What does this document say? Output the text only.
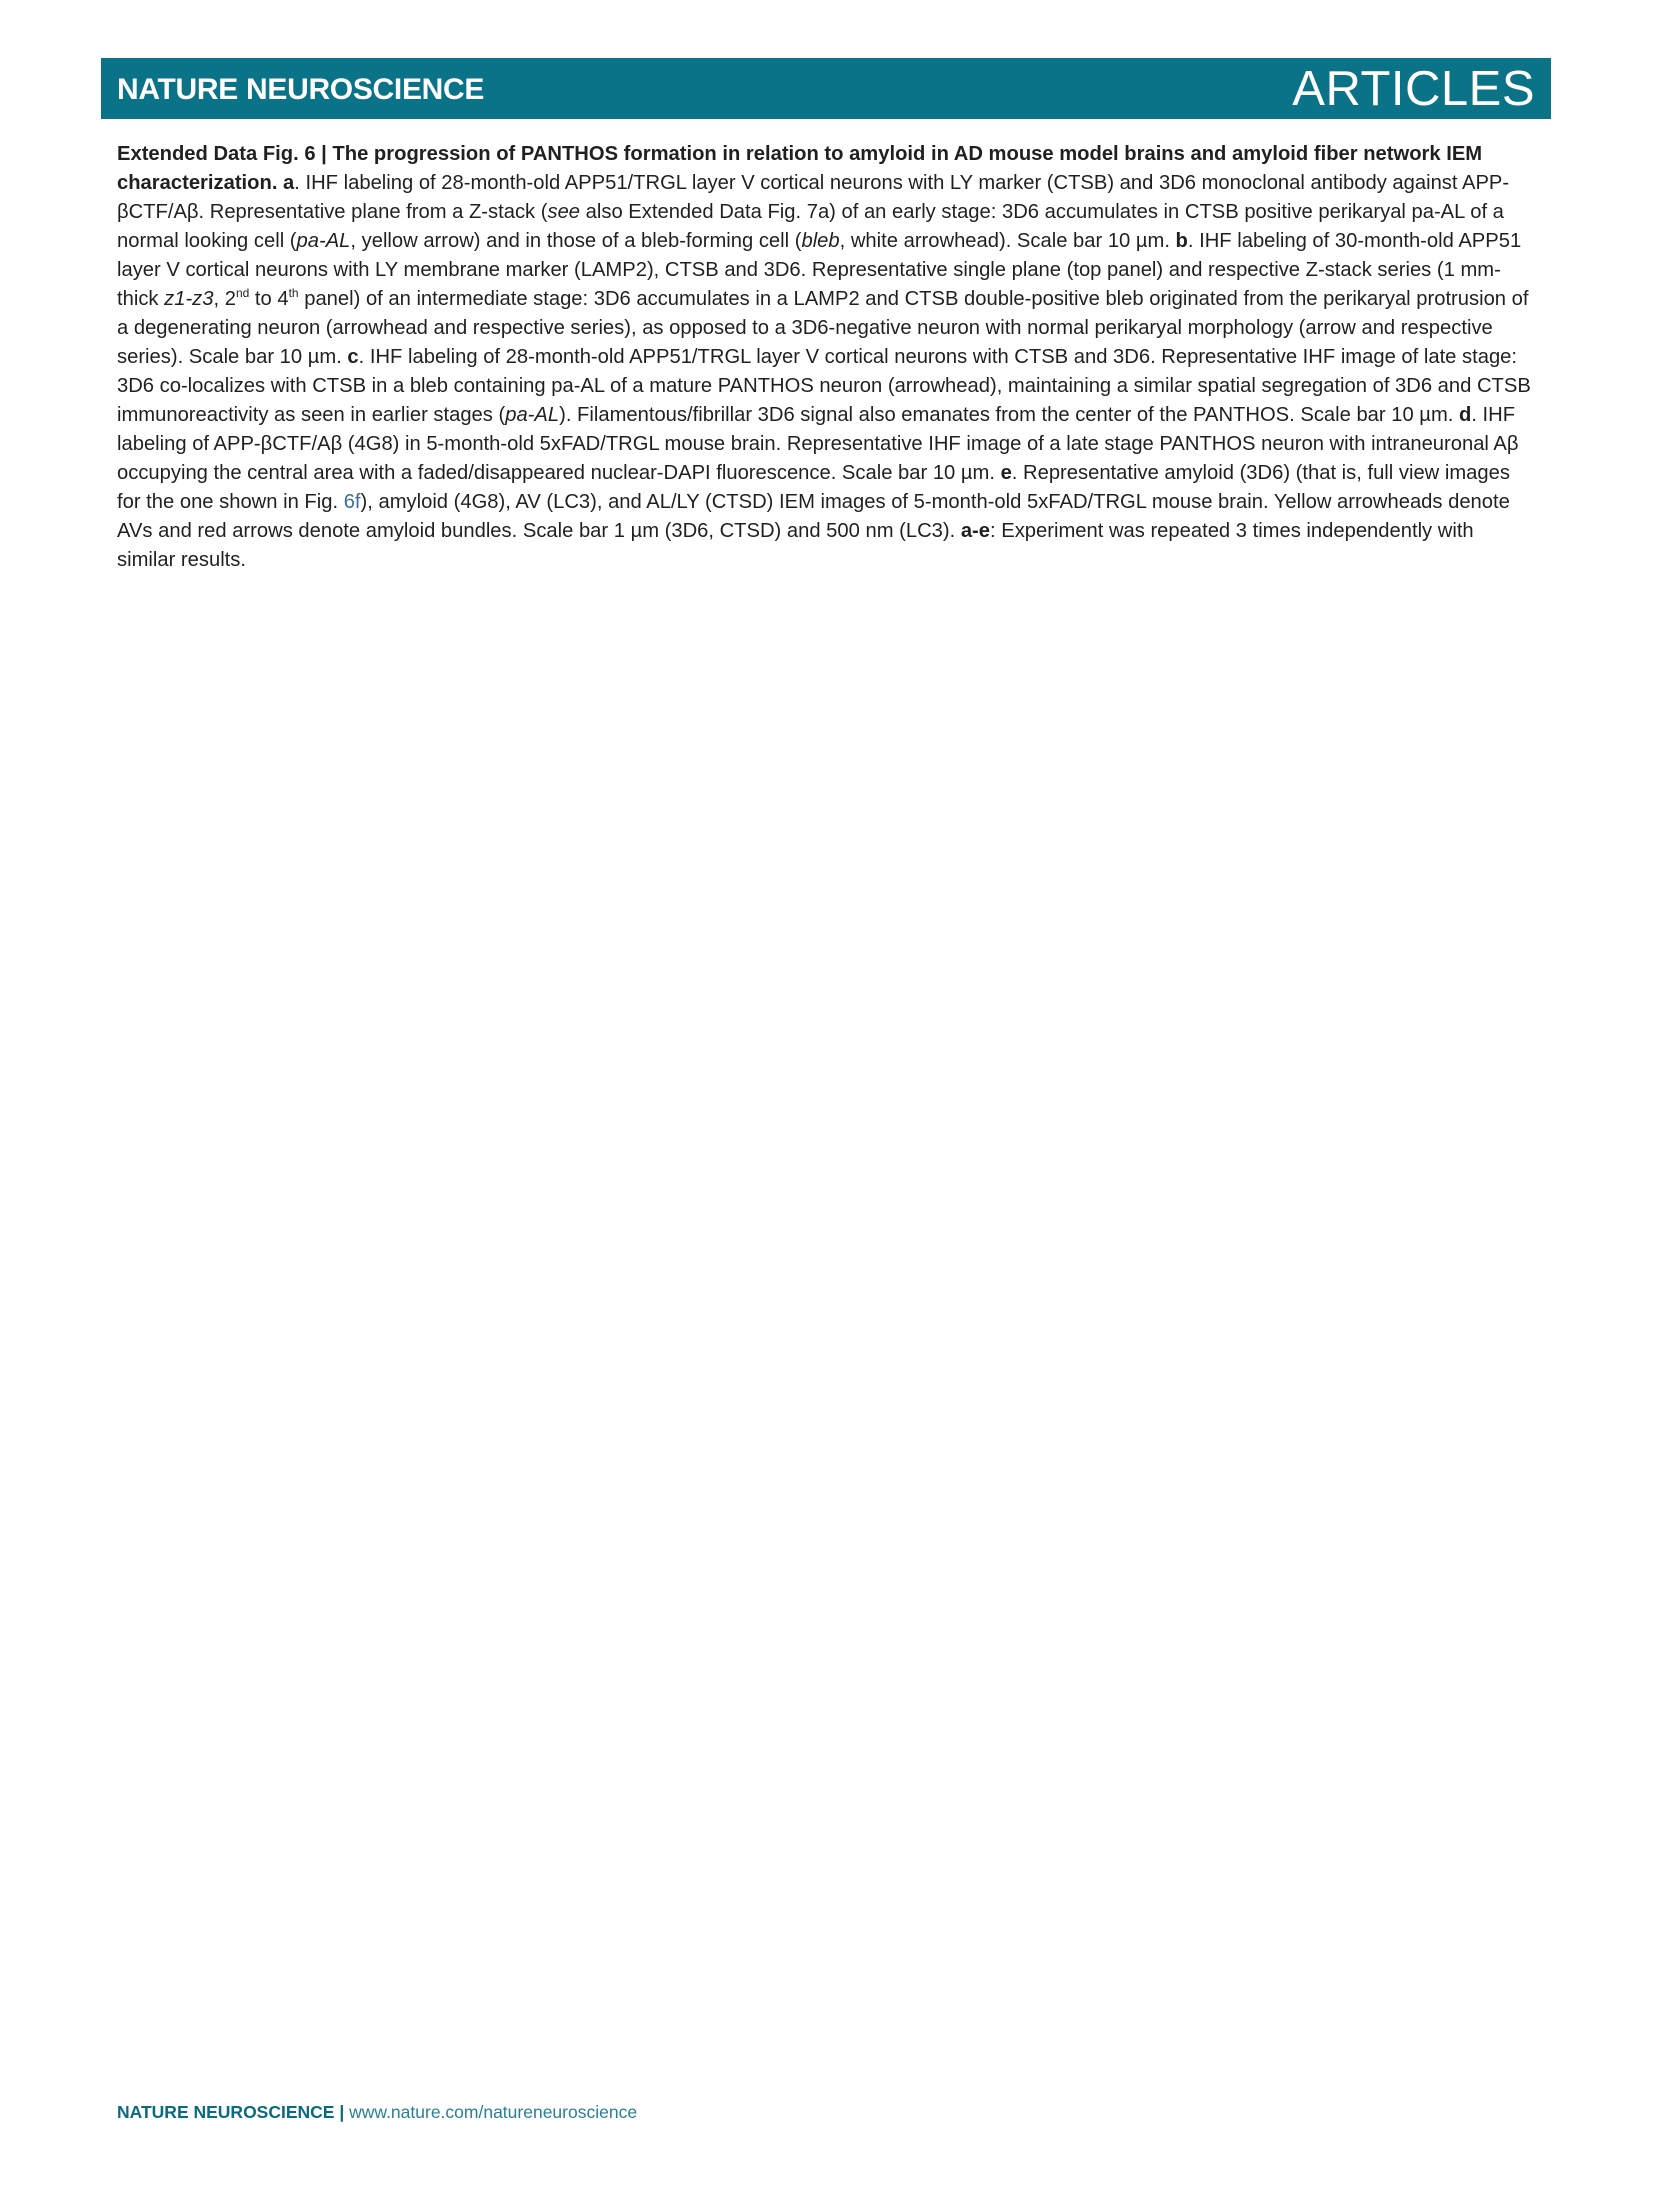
NATURE NEUROSCIENCE	ARTICLES

Extended Data Fig. 6 | The progression of PANTHOS formation in relation to amyloid in AD mouse model brains and amyloid fiber network IEM characterization. a. IHF labeling of 28-month-old APP51/TRGL layer V cortical neurons with LY marker (CTSB) and 3D6 monoclonal antibody against APP-βCTF/Aβ. Representative plane from a Z-stack (see also Extended Data Fig. 7a) of an early stage: 3D6 accumulates in CTSB positive perikaryal pa-AL of a normal looking cell (pa-AL, yellow arrow) and in those of a bleb-forming cell (bleb, white arrowhead). Scale bar 10 µm. b. IHF labeling of 30-month-old APP51 layer V cortical neurons with LY membrane marker (LAMP2), CTSB and 3D6. Representative single plane (top panel) and respective Z-stack series (1 mm-thick z1-z3, 2nd to 4th panel) of an intermediate stage: 3D6 accumulates in a LAMP2 and CTSB double-positive bleb originated from the perikaryal protrusion of a degenerating neuron (arrowhead and respective series), as opposed to a 3D6-negative neuron with normal perikaryal morphology (arrow and respective series). Scale bar 10 µm. c. IHF labeling of 28-month-old APP51/TRGL layer V cortical neurons with CTSB and 3D6. Representative IHF image of late stage: 3D6 co-localizes with CTSB in a bleb containing pa-AL of a mature PANTHOS neuron (arrowhead), maintaining a similar spatial segregation of 3D6 and CTSB immunoreactivity as seen in earlier stages (pa-AL). Filamentous/fibrillar 3D6 signal also emanates from the center of the PANTHOS. Scale bar 10 µm. d. IHF labeling of APP-βCTF/Aβ (4G8) in 5-month-old 5xFAD/TRGL mouse brain. Representative IHF image of a late stage PANTHOS neuron with intraneuronal Aβ occupying the central area with a faded/disappeared nuclear-DAPI fluorescence. Scale bar 10 µm. e. Representative amyloid (3D6) (that is, full view images for the one shown in Fig. 6f), amyloid (4G8), AV (LC3), and AL/LY (CTSD) IEM images of 5-month-old 5xFAD/TRGL mouse brain. Yellow arrowheads denote AVs and red arrows denote amyloid bundles. Scale bar 1 µm (3D6, CTSD) and 500 nm (LC3). a-e: Experiment was repeated 3 times independently with similar results.

NATURE NEUROSCIENCE | www.nature.com/natureneuroscience
